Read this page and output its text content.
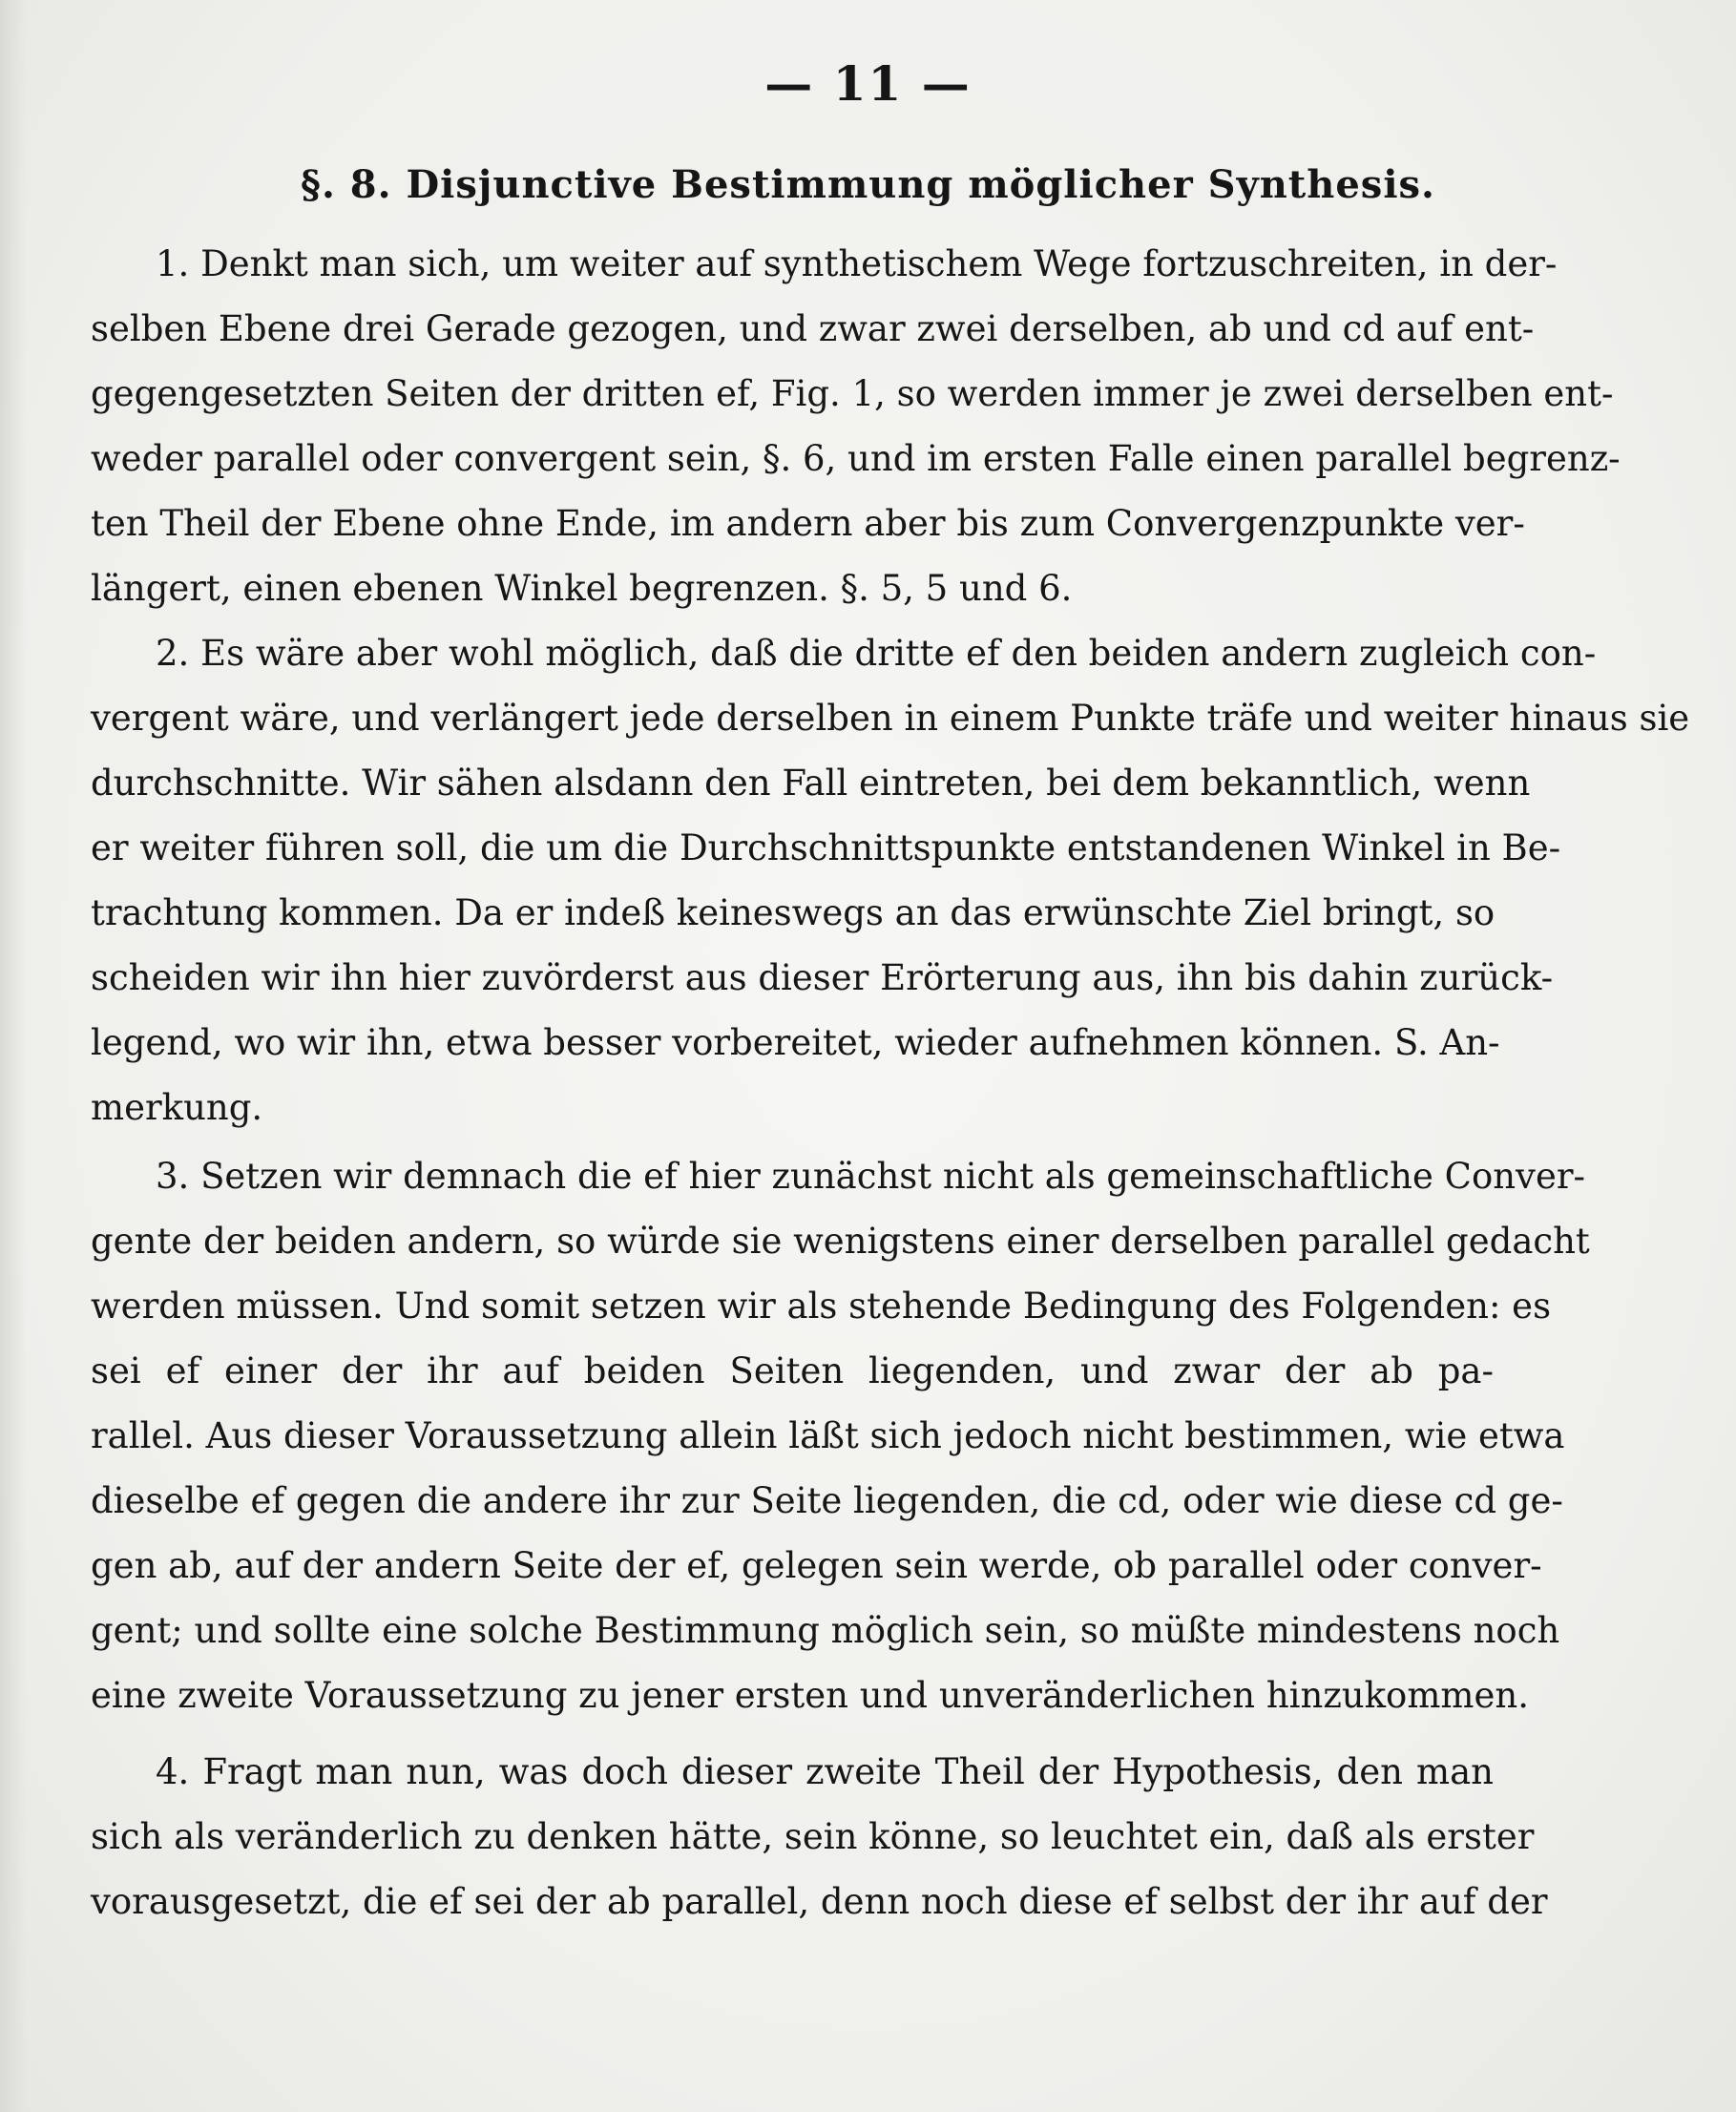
— 11 —
§. 8. Disjunctive Bestimmung möglicher Synthesis.
1. Denkt man sich, um weiter auf synthetischem Wege fortzuschreiten, in der-
selben Ebene drei Gerade gezogen, und zwar zwei derselben, ab und cd auf ent-
gegengesetzten Seiten der dritten ef, Fig. 1, so werden immer je zwei derselben ent-
weder parallel oder convergent sein, §. 6, und im ersten Falle einen parallel begrenz-
ten Theil der Ebene ohne Ende, im andern aber bis zum Convergenzpunkte ver-
längert, einen ebenen Winkel begrenzen. §. 5, 5 und 6.
2. Es wäre aber wohl möglich, daß die dritte ef den beiden andern zugleich con-
vergent wäre, und verlängert jede derselben in einem Punkte träfe und weiter hinaus sie
durchschnitte. Wir sähen alsdann den Fall eintreten, bei dem bekanntlich, wenn
er weiter führen soll, die um die Durchschnittspunkte entstandenen Winkel in Be-
trachtung kommen. Da er indeß keineswegs an das erwünschte Ziel bringt, so
scheiden wir ihn hier zuvörderst aus dieser Erörterung aus, ihn bis dahin zurück-
legend, wo wir ihn, etwa besser vorbereitet, wieder aufnehmen können. S. An-
merkung.
3. Setzen wir demnach die ef hier zunächst nicht als gemeinschaftliche Conver-
gente der beiden andern, so würde sie wenigstens einer derselben parallel gedacht
werden müssen. Und somit setzen wir als stehende Bedingung des Folgenden: es
sei ef einer der ihr auf beiden Seiten liegenden, und zwar der ab pa-
rallel. Aus dieser Voraussetzung allein läßt sich jedoch nicht bestimmen, wie etwa
dieselbe ef gegen die andere ihr zur Seite liegenden, die cd, oder wie diese cd ge-
gen ab, auf der andern Seite der ef, gelegen sein werde, ob parallel oder conver-
gent; und sollte eine solche Bestimmung möglich sein, so müßte mindestens noch
eine zweite Voraussetzung zu jener ersten und unveränderlichen hinzukommen.
4. Fragt man nun, was doch dieser zweite Theil der Hypothesis, den man
sich als veränderlich zu denken hätte, sein könne, so leuchtet ein, daß als erster
vorausgesetzt, die ef sei der ab parallel, denn noch diese ef selbst der ihr auf der
